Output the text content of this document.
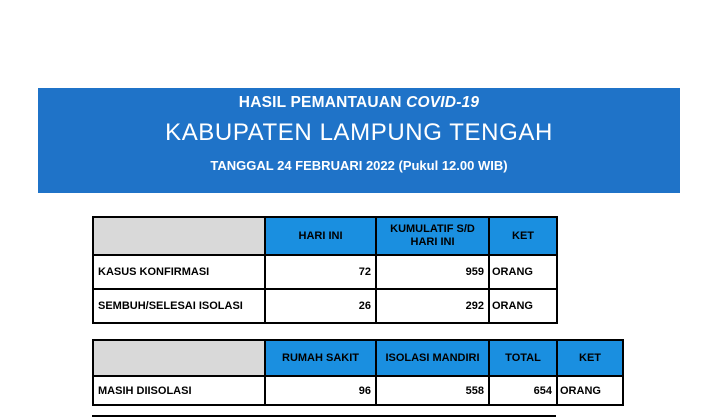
HASIL PEMANTAUAN COVID-19
KABUPATEN LAMPUNG TENGAH
TANGGAL 24 FEBRUARI 2022 (Pukul 12.00 WIB)
	HARI INI	KUMULATIF S/D HARI INI	KET
KASUS KONFIRMASI	72	959	ORANG
SEMBUH/SELESAI ISOLASI	26	292	ORANG
	RUMAH SAKIT	ISOLASI MANDIRI	TOTAL	KET
MASIH DIISOLASI	96	558	654	ORANG
